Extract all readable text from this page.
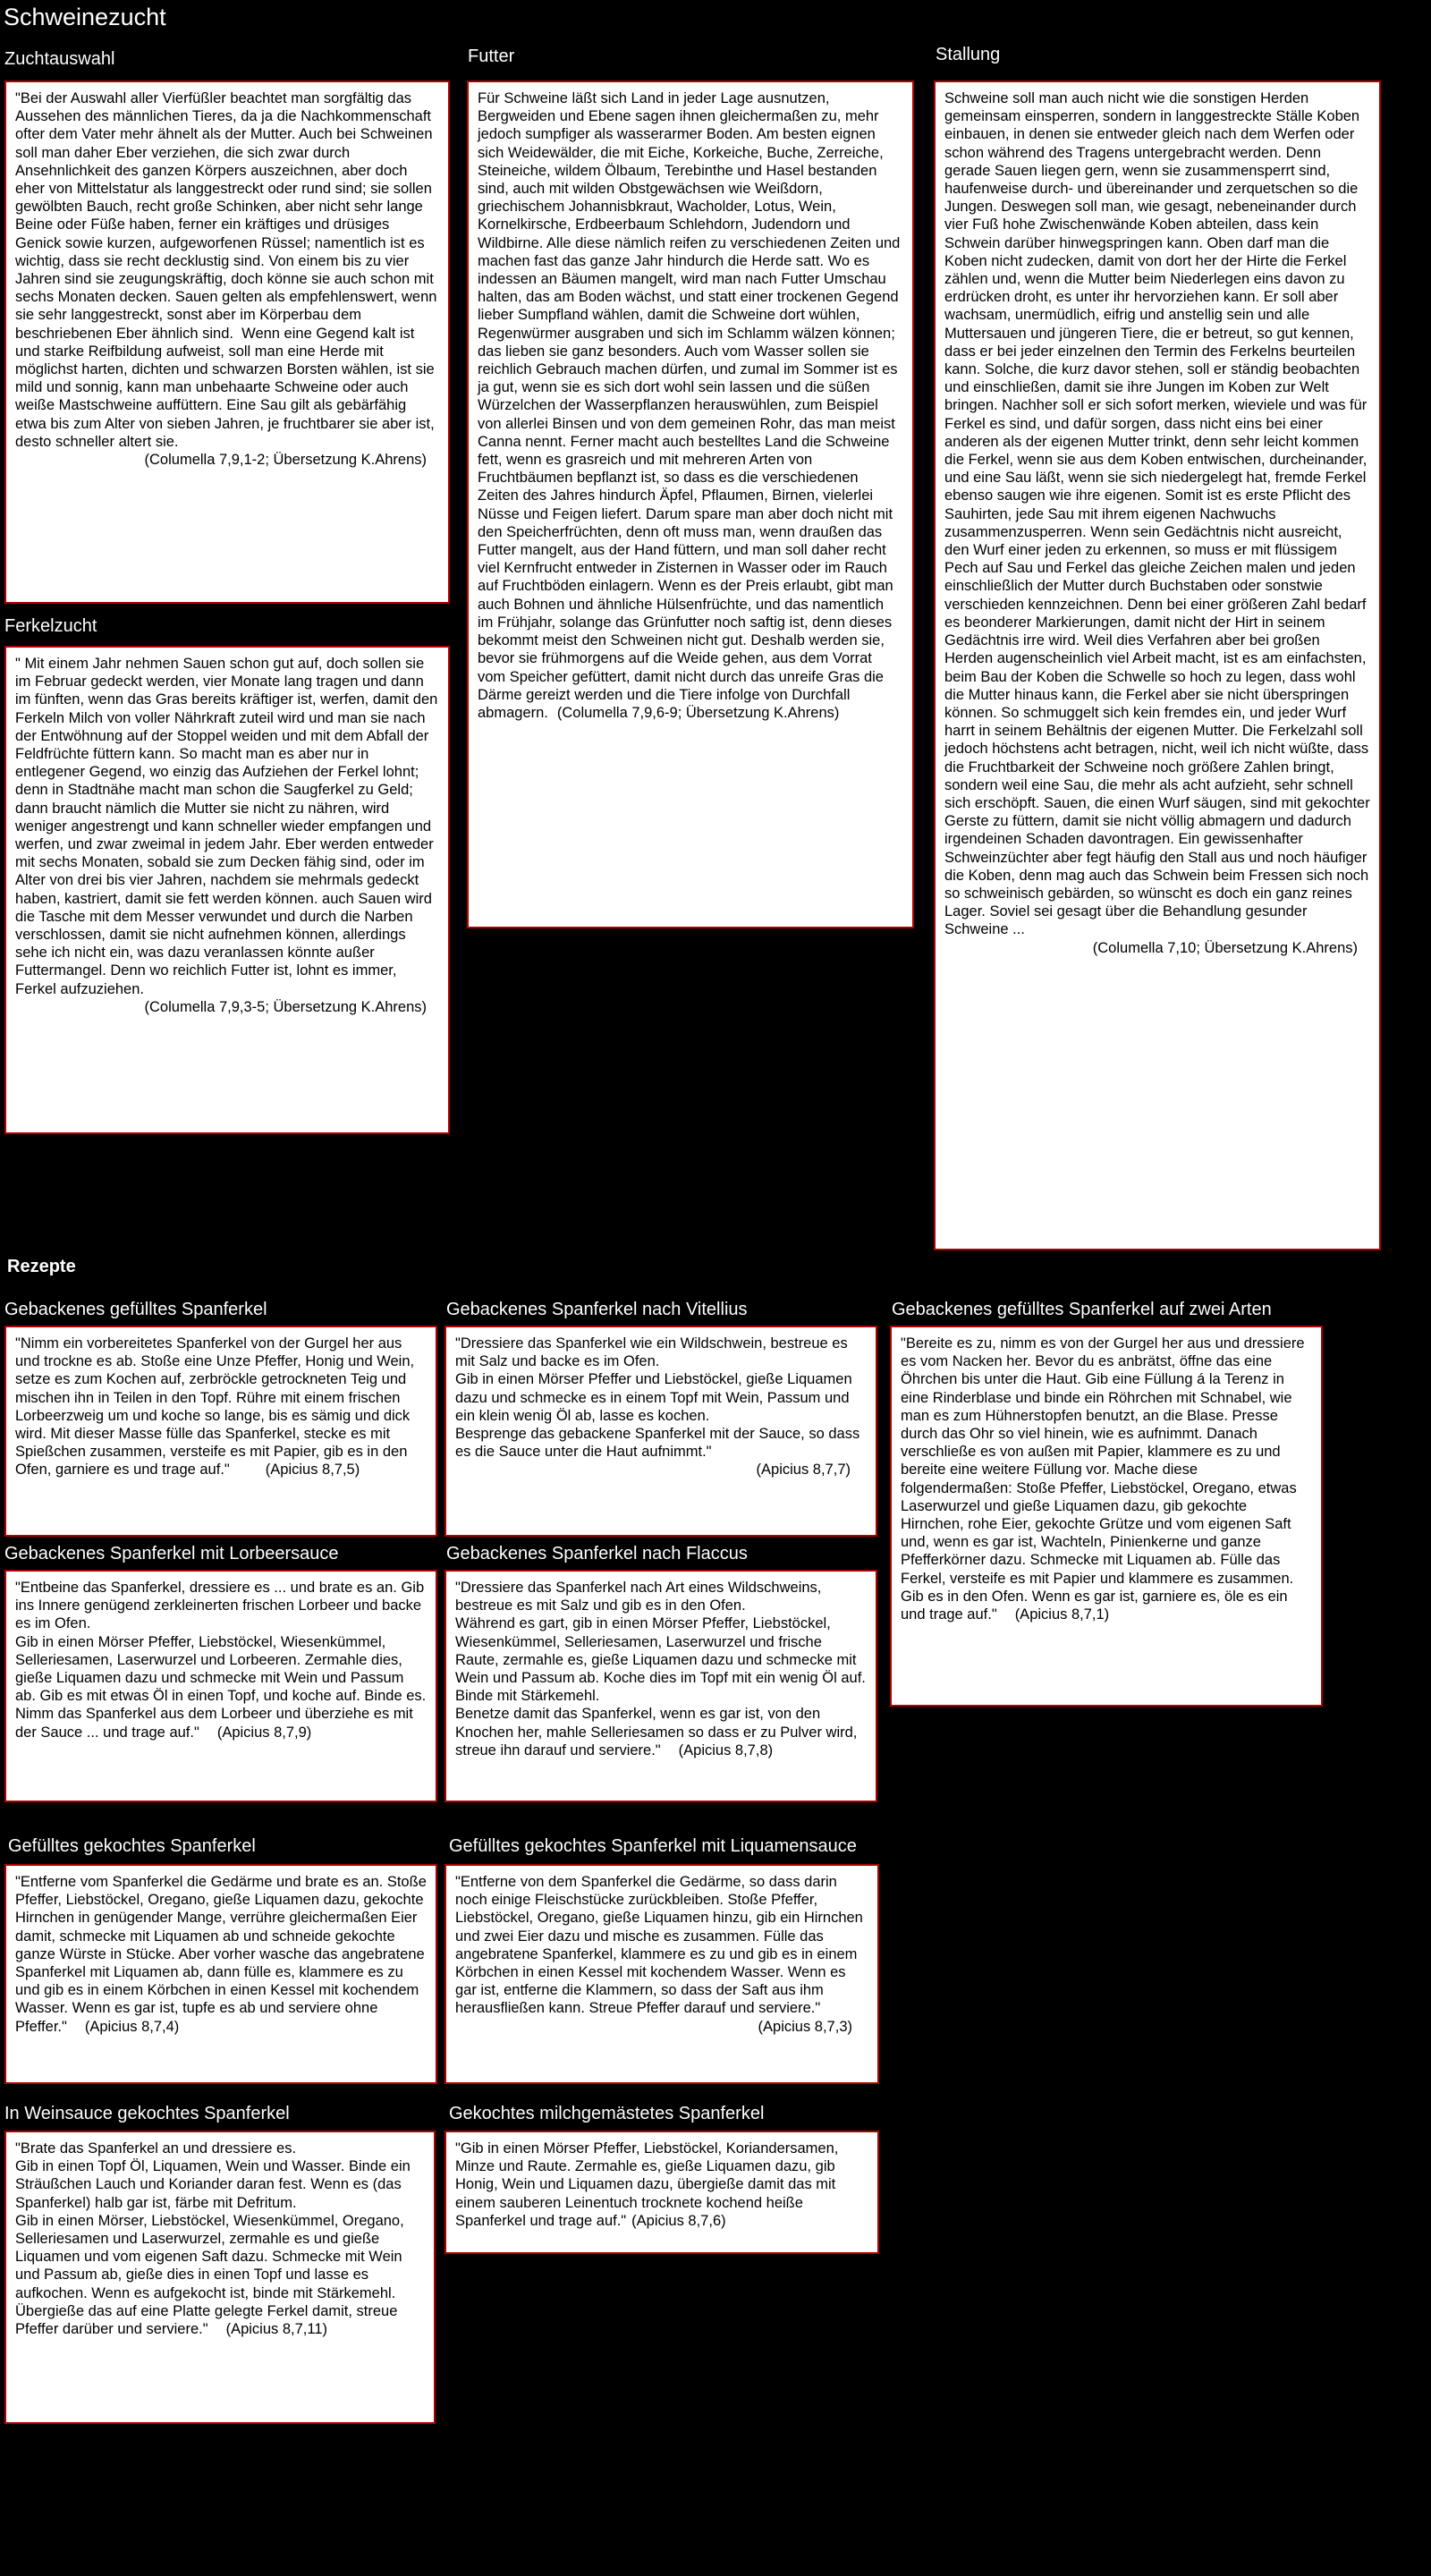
Schweinezucht
Zuchtauswahl
"Bei der Auswahl aller Vierfüßler beachtet man sorgfältig das Aussehen des männlichen Tieres, da ja die Nachkommenschaft ofter dem Vater mehr ähnelt als der Mutter. Auch bei Schweinen soll man daher Eber verziehen, die sich zwar durch Ansehnlichkeit des ganzen Körpers auszeichnen, aber doch eher von Mittelstatur als langgestreckt oder rund sind; sie sollen gewölbten Bauch, recht große Schinken, aber nicht sehr lange Beine oder Füße haben, ferner ein kräftiges und drüsiges Genick sowie kurzen, aufgeworfenen Rüssel; namentlich ist es wichtig, dass sie recht decklustig sind. Von einem bis zu vier Jahren sind sie zeugungskräftig, doch könne sie auch schon mit sechs Monaten decken. Sauen gelten als empfehlenswert, wenn sie sehr langgestreckt, sonst aber im Körperbau dem beschriebenen Eber ähnlich sind.  Wenn eine Gegend kalt ist und starke Reifbildung aufweist, soll man eine Herde mit möglichst harten, dichten und schwarzen Borsten wählen, ist sie mild und sonnig, kann man unbehaarte Schweine oder auch weiße Mastschweine auffüttern. Eine Sau gilt als gebärfähig etwa bis zum Alter von sieben Jahren, je fruchtbarer sie aber ist, desto schneller altert sie.
(Columella 7,9,1-2; Übersetzung K.Ahrens)
Ferkelzucht
" Mit einem Jahr nehmen Sauen schon gut auf, doch sollen sie im Februar gedeckt werden, vier Monate lang tragen und dann im fünften, wenn das Gras bereits kräftiger ist, werfen, damit den Ferkeln Milch von voller Nährkraft zuteil wird und man sie nach der Entwöhnung auf der Stoppel weiden und mit dem Abfall der Feldfrüchte füttern kann. So macht man es aber nur in entlegener Gegend, wo einzig das Aufziehen der Ferkel lohnt; denn in Stadtnähe macht man schon die Saugferkel zu Geld; dann braucht nämlich die Mutter sie nicht zu nähren, wird weniger angestrengt und kann schneller wieder empfangen und werfen, und zwar zweimal in jedem Jahr. Eber werden entweder mit sechs Monaten, sobald sie zum Decken fähig sind, oder im Alter von drei bis vier Jahren, nachdem sie mehrmals gedeckt haben, kastriert, damit sie fett werden können. auch Sauen wird die Tasche mit dem Messer verwundet und durch die Narben verschlossen, damit sie nicht aufnehmen können, allerdings sehe ich nicht ein, was dazu veranlassen könnte außer Futtermangel. Denn wo reichlich Futter ist, lohnt es immer, Ferkel aufzuziehen.
(Columella 7,9,3-5; Übersetzung K.Ahrens)
Futter
Für Schweine läßt sich Land in jeder Lage ausnutzen, Bergweiden und Ebene sagen ihnen gleichermaßen zu, mehr jedoch sumpfiger als wasserarmer Boden. Am besten eignen sich Weidewälder, die mit Eiche, Korkeiche, Buche, Zerreiche, Steineiche, wildem Ölbaum, Terebinthe und Hasel bestanden sind, auch mit wilden Obstgewächsen wie Weißdorn, griechischem Johannisbkraut, Wacholder, Lotus, Wein, Kornelkirsche, Erdbeerbaum Schlehdorn, Judendorn und Wildbirne. Alle diese nämlich reifen zu verschiedenen Zeiten und machen fast das ganze Jahr hindurch die Herde satt. Wo es indessen an Bäumen mangelt, wird man nach Futter Umschau halten, das am Boden wächst, und statt einer trockenen Gegend lieber Sumpfland wählen, damit die Schweine dort wühlen, Regenwürmer ausgraben und sich im Schlamm wälzen können; das lieben sie ganz besonders. Auch vom Wasser sollen sie reichlich Gebrauch machen dürfen, und zumal im Sommer ist es ja gut, wenn sie es sich dort wohl sein lassen und die süßen Würzelchen der Wasserpflanzen herauswühlen, zum Beispiel von allerlei Binsen und von dem gemeinen Rohr, das man meist Canna nennt. Ferner macht auch bestelltes Land die Schweine fett, wenn es grasreich und mit mehreren Arten von Fruchtbäumen bepflanzt ist, so dass es die verschiedenen Zeiten des Jahres hindurch Äpfel, Pflaumen, Birnen, vielerlei Nüsse und Feigen liefert. Darum spare man aber doch nicht mit den Speicherfrüchten, denn oft muss man, wenn draußen das Futter mangelt, aus der Hand füttern, und man soll daher recht viel Kernfrucht entweder in Zisternen in Wasser oder im Rauch auf Fruchtböden einlagern. Wenn es der Preis erlaubt, gibt man auch Bohnen und ähnliche Hülsenfrüchte, und das namentlich im Frühjahr, solange das Grünfutter noch saftig ist, denn dieses bekommt meist den Schweinen nicht gut. Deshalb werden sie, bevor sie frühmorgens auf die Weide gehen, aus dem Vorrat vom Speicher gefüttert, damit nicht durch das unreife Gras die Därme gereizt werden und die Tiere infolge von Durchfall abmagern. (Columella 7,9,6-9; Übersetzung K.Ahrens)
Stallung
Schweine soll man auch nicht wie die sonstigen Herden gemeinsam einsperren, sondern in langgestreckte Ställe Koben einbauen, in denen sie entweder gleich nach dem Werfen oder schon während des Tragens untergebracht werden. Denn gerade Sauen liegen gern, wenn sie zusammensperrt sind, haufenweise durch- und übereinander und zerquetschen so die Jungen. Deswegen soll man, wie gesagt, nebeneinander durch vier Fuß hohe Zwischenwände Koben abteilen, dass kein Schwein darüber hinwegspringen kann. Oben darf man die Koben nicht zudecken, damit von dort her der Hirte die Ferkel zählen und, wenn die Mutter beim Niederlegen eins davon zu erdrücken droht, es unter ihr hervorziehen kann. Er soll aber wachsam, unermüdlich, eifrig und anstellig sein und alle Muttersauen und jüngeren Tiere, die er betreut, so gut kennen, dass er bei jeder einzelnen den Termin des Ferkelns beurteilen kann. Solche, die kurz davor stehen, soll er ständig beobachten und einschließen, damit sie ihre Jungen im Koben zur Welt bringen. Nachher soll er sich sofort merken, wieviele und was für Ferkel es sind, und dafür sorgen, dass nicht eins bei einer anderen als der eigenen Mutter trinkt, denn sehr leicht kommen die Ferkel, wenn sie aus dem Koben entwischen, durcheinander, und eine Sau läßt, wenn sie sich niedergelegt hat, fremde Ferkel ebenso saugen wie ihre eigenen. Somit ist es erste Pflicht des Sauhirten, jede Sau mit ihrem eigenen Nachwuchs zusammenzusperren. Wenn sein Gedächtnis nicht ausreicht, den Wurf einer jeden zu erkennen, so muss er mit flüssigem Pech auf Sau und Ferkel das gleiche Zeichen malen und jeden einschließlich der Mutter durch Buchstaben oder sonstwie verschieden kennzeichnen. Denn bei einer größeren Zahl bedarf es beonderer Markierungen, damit nicht der Hirt in seinem Gedächtnis irre wird. Weil dies Verfahren aber bei großen Herden augenscheinlich viel Arbeit macht, ist es am einfachsten, beim Bau der Koben die Schwelle so hoch zu legen, dass wohl die Mutter hinaus kann, die Ferkel aber sie nicht überspringen können. So schmuggelt sich kein fremdes ein, und jeder Wurf harrt in seinem Behältnis der eigenen Mutter. Die Ferkelzahl soll jedoch höchstens acht betragen, nicht, weil ich nicht wüßte, dass die Fruchtbarkeit der Schweine noch größere Zahlen bringt, sondern weil eine Sau, die mehr als acht aufzieht, sehr schnell sich erschöpft. Sauen, die einen Wurf säugen, sind mit gekochter Gerste zu füttern, damit sie nicht völlig abmagern und dadurch irgendeinen Schaden davontragen. Ein gewissenhafter Schweinzüchter aber fegt häufig den Stall aus und noch häufiger die Koben, denn mag auch das Schwein beim Fressen sich noch so schweinisch gebärden, so wünscht es doch ein ganz reines Lager. Soviel sei gesagt über die Behandlung gesunder Schweine ...
(Columella 7,10; Übersetzung K.Ahrens)
Rezepte
Gebackenes gefülltes Spanferkel
"Nimm ein vorbereitetes Spanferkel von der Gurgel her aus und trockne es ab. Stoße eine Unze Pfeffer, Honig und Wein, setze es zum Kochen auf, zerbröckle getrockneten Teig und mischen ihn in Teilen in den Topf. Rühre mit einem frischen Lorbeerzweig um und koche so lange, bis es sämig und dick wird. Mit dieser Masse fülle das Spanferkel, stecke es mit Spießchen zusammen, versteife es mit Papier, gib es in den Ofen, garniere es und trage auf." (Apicius 8,7,5)
Gebackenes Spanferkel nach Vitellius
"Dressiere das Spanferkel wie ein Wildschwein, bestreue es mit Salz und backe es im Ofen.
Gib in einen Mörser Pfeffer und Liebstöckel, gieße Liquamen dazu und schmecke es in einem Topf mit Wein, Passum und ein klein wenig Öl ab, lasse es kochen.
Besprenge das gebackene Spanferkel mit der Sauce, so dass es die Sauce unter die Haut aufnimmt."
(Apicius 8,7,7)
Gebackenes gefülltes Spanferkel auf zwei Arten
"Bereite es zu, nimm es von der Gurgel her aus und dressiere es vom Nacken her. Bevor du es anbrätst, öffne das eine Öhrchen bis unter die Haut. Gib eine Füllung á la Terenz in eine Rinderblase und binde ein Röhrchen mit Schnabel, wie man es zum Hühnerstopfen benutzt, an die Blase. Presse durch das Ohr so viel hinein, wie es aufnimmt. Danach verschließe es von außen mit Papier, klammere es zu und bereite eine weitere Füllung vor. Mache diese folgendermaßen: Stoße Pfeffer, Liebstöckel, Oregano, etwas Laserwurzel und gieße Liquamen dazu, gib gekochte Hirnchen, rohe Eier, gekochte Grütze und vom eigenen Saft und, wenn es gar ist, Wachteln, Pinienkerne und ganze Pfefferkörner dazu. Schmecke mit Liquamen ab. Fülle das Ferkel, versteife es mit Papier und klammere es zusammen. Gib es in den Ofen. Wenn es gar ist, garniere es, öle es ein und trage auf." (Apicius 8,7,1)
Gebackenes Spanferkel mit Lorbeersauce
"Entbeine das Spanferkel, dressiere es ... und brate es an. Gib ins Innere genügend zerkleinerten frischen Lorbeer und backe es im Ofen.
Gib in einen Mörser Pfeffer, Liebstöckel, Wiesenkümmel, Selleriesamen, Laserwurzel und Lorbeeren. Zermahle dies, gieße Liquamen dazu und schmecke mit Wein und Passum ab. Gib es mit etwas Öl in einen Topf, und koche auf. Binde es.
Nimm das Spanferkel aus dem Lorbeer und überziehe es mit der Sauce ... und trage auf." (Apicius 8,7,9)
Gebackenes Spanferkel nach Flaccus
"Dressiere das Spanferkel nach Art eines Wildschweins, bestreue es mit Salz und gib es in den Ofen.
Während es gart, gib in einen Mörser Pfeffer, Liebstöckel, Wiesenkümmel, Selleriesamen, Laserwurzel und frische Raute, zermahle es, gieße Liquamen dazu und schmecke mit Wein und Passum ab. Koche dies im Topf mit ein wenig Öl auf. Binde mit Stärkemehl.
Benetze damit das Spanferkel, wenn es gar ist, von den Knochen her, mahle Selleriesamen so dass er zu Pulver wird, streue ihn darauf und serviere." (Apicius 8,7,8)
Gefülltes gekochtes Spanferkel
"Entferne vom Spanferkel die Gedärme und brate es an. Stoße Pfeffer, Liebstöckel, Oregano, gieße Liquamen dazu, gekochte Hirnchen in genügender Mange, verrühre gleichermaßen Eier damit, schmecke mit Liquamen ab und schneide gekochte ganze Würste in Stücke. Aber vorher wasche das angebratene Spanferkel mit Liquamen ab, dann fülle es, klammere es zu und gib es in einem Körbchen in einen Kessel mit kochendem Wasser. Wenn es gar ist, tupfe es ab und serviere ohne Pfeffer." (Apicius 8,7,4)
Gefülltes gekochtes Spanferkel mit Liquamensauce
"Entferne von dem Spanferkel die Gedärme, so dass darin noch einige Fleischstücke zurückbleiben. Stoße Pfeffer, Liebstöckel, Oregano, gieße Liquamen hinzu, gib ein Hirnchen und zwei Eier dazu und mische es zusammen. Fülle das angebratene Spanferkel, klammere es zu und gib es in einem Körbchen in einen Kessel mit kochendem Wasser. Wenn es gar ist, entferne die Klammern, so dass der Saft aus ihm herausfließen kann. Streue Pfeffer darauf und serviere."
(Apicius 8,7,3)
In Weinsauce gekochtes Spanferkel
"Brate das Spanferkel an und dressiere es.
Gib in einen Topf Öl, Liquamen, Wein und Wasser. Binde ein Sträußchen Lauch und Koriander daran fest. Wenn es (das Spanferkel) halb gar ist, färbe mit Defritum.
Gib in einen Mörser, Liebstöckel, Wiesenkümmel, Oregano, Selleriesamen und Laserwurzel, zermahle es und gieße Liquamen und vom eigenen Saft dazu. Schmecke mit Wein und Passum ab, gieße dies in einen Topf und lasse es aufkochen. Wenn es aufgekocht ist, binde mit Stärkemehl.
Übergieße das auf eine Platte gelegte Ferkel damit, streue Pfeffer darüber und serviere." (Apicius 8,7,11)
Gekochtes milchgemästetes Spanferkel
"Gib in einen Mörser Pfeffer, Liebstöckel, Koriandersamen, Minze und Raute. Zermahle es, gieße Liquamen dazu, gib Honig, Wein und Liquamen dazu, übergieße damit das mit einem sauberen Leinentuch trocknete kochend heiße Spanferkel und trage auf." (Apicius 8,7,6)
